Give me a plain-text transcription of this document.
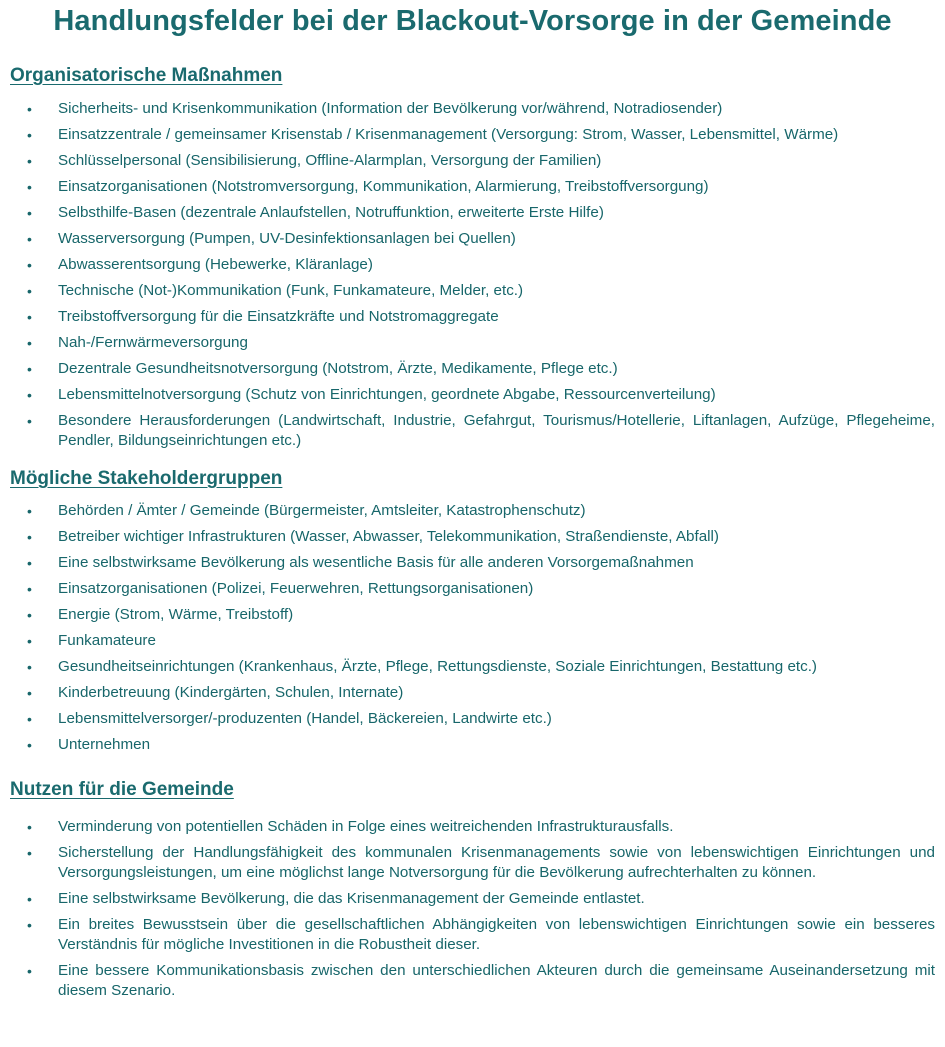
Handlungsfelder bei der Blackout-Vorsorge in der Gemeinde
Organisatorische Maßnahmen
• Sicherheits- und Krisenkommunikation (Information der Bevölkerung vor/während, Notradiosender)
• Einsatzzentrale / gemeinsamer Krisenstab / Krisenmanagement (Versorgung: Strom, Wasser, Lebensmittel, Wärme)
• Schlüsselpersonal (Sensibilisierung, Offline-Alarmplan, Versorgung der Familien)
• Einsatzorganisationen (Notstromversorgung, Kommunikation, Alarmierung, Treibstoffversorgung)
• Selbsthilfe-Basen (dezentrale Anlaufstellen, Notruffunktion, erweiterte Erste Hilfe)
• Wasserversorgung (Pumpen, UV-Desinfektionsanlagen bei Quellen)
• Abwasserentsorgung (Hebewerke, Kläranlage)
• Technische (Not-)Kommunikation (Funk, Funkamateure, Melder, etc.)
• Treibstoffversorgung für die Einsatzkräfte und Notstromaggregate
• Nah-/Fernwärmeversorgung
• Dezentrale Gesundheitsnotversorgung (Notstrom, Ärzte, Medikamente, Pflege etc.)
• Lebensmittelnotversorgung (Schutz von Einrichtungen, geordnete Abgabe, Ressourcenverteilung)
• Besondere Herausforderungen (Landwirtschaft, Industrie, Gefahrgut, Tourismus/Hotellerie, Liftanlagen, Aufzüge, Pflegeheime, Pendler, Bildungseinrichtungen etc.)
Mögliche Stakeholdergruppen
• Behörden / Ämter / Gemeinde (Bürgermeister, Amtsleiter, Katastrophenschutz)
• Betreiber wichtiger Infrastrukturen (Wasser, Abwasser, Telekommunikation, Straßendienste, Abfall)
• Eine selbstwirksame Bevölkerung als wesentliche Basis für alle anderen Vorsorgemaßnahmen
• Einsatzorganisationen (Polizei, Feuerwehren, Rettungsorganisationen)
• Energie (Strom, Wärme, Treibstoff)
• Funkamateure
• Gesundheitseinrichtungen (Krankenhaus, Ärzte, Pflege, Rettungsdienste, Soziale Einrichtungen, Bestattung etc.)
• Kinderbetreuung (Kindergärten, Schulen, Internate)
• Lebensmittelversorger/-produzenten (Handel, Bäckereien, Landwirte etc.)
• Unternehmen
Nutzen für die Gemeinde
• Verminderung von potentiellen Schäden in Folge eines weitreichenden Infrastrukturausfalls.
• Sicherstellung der Handlungsfähigkeit des kommunalen Krisenmanagements sowie von lebenswichtigen Einrichtungen und Versorgungsleistungen, um eine möglichst lange Notversorgung für die Bevölkerung aufrechterhalten zu können.
• Eine selbstwirksame Bevölkerung, die das Krisenmanagement der Gemeinde entlastet.
• Ein breites Bewusstsein über die gesellschaftlichen Abhängigkeiten von lebenswichtigen Einrichtungen sowie ein besseres Verständnis für mögliche Investitionen in die Robustheit dieser.
• Eine bessere Kommunikationsbasis zwischen den unterschiedlichen Akteuren durch die gemeinsame Auseinandersetzung mit diesem Szenario.
